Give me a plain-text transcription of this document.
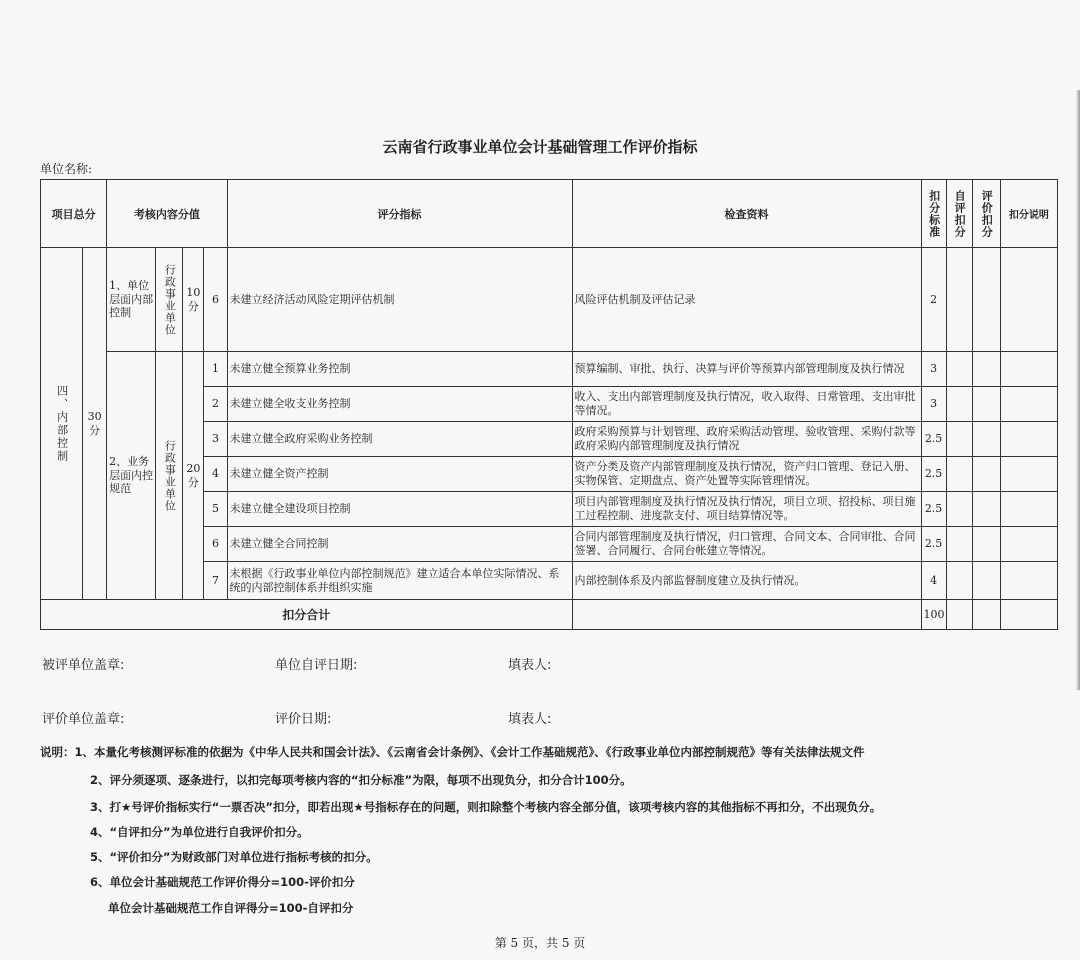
云南省行政事业单位会计基础管理工作评价指标
单位名称:
项目总分		考核内容分值				评分指标	检查资料	扣分标准	自评扣分	评价扣分	扣分说明

四、内部控制	30分	1、单位层面内部控制	行政事业单位	10分	6	未建立经济活动风险定期评估机制	风险评估机制及评估记录	2			
		2、业务层面内控规范	行政事业单位	20分	1	未建立健全预算业务控制	预算编制、审批、执行、决算与评价等预算内部管理制度及执行情况	3			
					2	未建立健全收支业务控制	收入、支出内部管理制度及执行情况，收入取得、日常管理、支出审批等情况。	3			
					3	未建立健全政府采购业务控制	政府采购预算与计划管理、政府采购活动管理、验收管理、采购付款等政府采购内部管理制度及执行情况	2.5			
					4	未建立健全资产控制	资产分类及资产内部管理制度及执行情况，资产归口管理、登记入册、实物保管、定期盘点、资产处置等实际管理情况。	2.5			
					5	未建立健全建设项目控制	项目内部管理制度及执行情况及执行情况，项目立项、招投标、项目施工过程控制、进度款支付、项目结算情况等。	2.5			
					6	未建立健全合同控制	合同内部管理制度及执行情况，归口管理、合同文本、合同审批、合同签署、合同履行、合同台帐建立等情况。	2.5			
					7	未根据《行政事业单位内部控制规范》建立适合本单位实际情况、系统的内部控制体系并组织实施	内部控制体系及内部监督制度建立及执行情况。	4			
扣分合计								100			
被评单位盖章:	单位自评日期:	填表人:
评价单位盖章:	评价日期:	填表人:
说明：1、本量化考核测评标准的依据为《中华人民共和国会计法》、《云南省会计条例》、《会计工作基础规范》、《行政事业单位内部控制规范》等有关法律法规文件
2、评分须逐项、逐条进行，以扣完每项考核内容的“扣分标准”为限，每项不出现负分，扣分合计100分。
3、打★号评价指标实行“一票否决”扣分，即若出现★号指标存在的问题，则扣除整个考核内容全部分值，该项考核内容的其他指标不再扣分，不出现负分。
4、“自评扣分”为单位进行自我评价扣分。
5、“评价扣分”为财政部门对单位进行指标考核的扣分。
6、单位会计基础规范工作评价得分=100-评价扣分
单位会计基础规范工作自评得分=100-自评扣分
第 5 页，共 5 页
